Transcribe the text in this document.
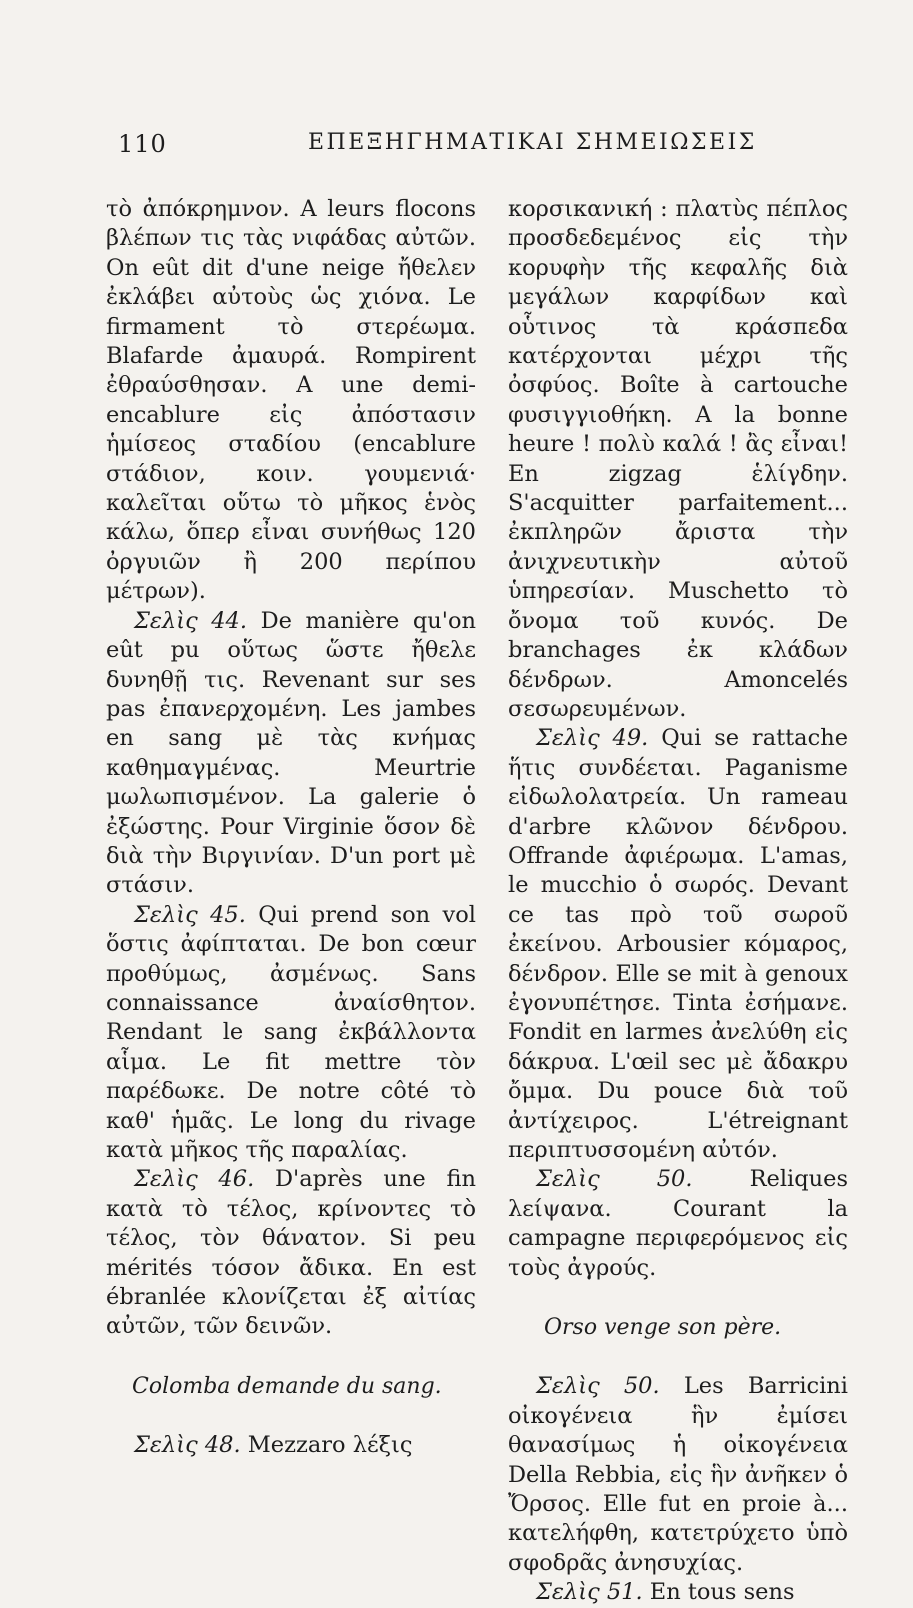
110	ΕΠΕΞΗΓΗΜΑΤΙΚΑΙ ΣΗΜΕΙΩΣΕΙΣ

τὸ ἀπόκρημνον. A leurs flocons βλέπων τις τὰς νιφάδας αὐτῶν. On eût dit d'une neige ἤθελεν ἐκλάβει αὐτοὺς ὡς χιόνα. Le firmament τὸ στερέωμα. Blafarde ἀμαυρά. Rompirent ἐθραύσθησαν. A une demi-encablure εἰς ἀπόστασιν ἡμίσεος σταδίου (encablure στάδιον, κοιν. γουμενιά· καλεῖται οὕτω τὸ μῆκος ἑνὸς κάλω, ὅπερ εἶναι συνήθως 120 ὀργυιῶν ἢ 200 περίπου μέτρων).

Σελὶς 44. De manière qu'on eût pu οὕτως ὥστε ἤθελε δυνηθῇ τις. Revenant sur ses pas ἐπανερχομένη. Les jambes en sang μὲ τὰς κνήμας καθημαγμένας. Meurtrie μωλωπισμένον. La galerie ὁ ἐξώστης. Pour Virginie ὅσον δὲ διὰ τὴν Βιργινίαν. D'un port μὲ στάσιν.

Σελὶς 45. Qui prend son vol ὅστις ἀφίπταται. De bon cœur προθύμως, ἀσμένως. Sans connaissance ἀναίσθητον. Rendant le sang ἐκβάλλοντα αἷμα. Le fit mettre τὸν παρέδωκε. De notre côté τὸ καθ' ἡμᾶς. Le long du rivage κατὰ μῆκος τῆς παραλίας.

Σελὶς 46. D'après une fin κατὰ τὸ τέλος, κρίνοντες τὸ τέλος, τὸν θάνατον. Si peu mérités τόσον ἄδικα. En est ébranlée κλονίζεται ἐξ αἰτίας αὐτῶν, τῶν δεινῶν.

Colomba demande du sang.

Σελὶς 48. Mezzaro λέξις

κορσικανική : πλατὺς πέπλος προσδεδεμένος εἰς τὴν κορυφὴν τῆς κεφαλῆς διὰ μεγάλων καρφίδων καὶ οὗτινος τὰ κράσπεδα κατέρχονται μέχρι τῆς ὀσφύος. Boîte à cartouche φυσιγγιοθήκη. A la bonne heure ! πολὺ καλά ! ἂς εἶναι! En zigzag ἑλίγδην. S'acquitter parfaitement... ἐκπληρῶν ἄριστα τὴν ἀνιχνευτικὴν αὐτοῦ ὑπηρεσίαν. Muschetto τὸ ὄνομα τοῦ κυνός. De branchages ἐκ κλάδων δένδρων. Amoncelés σεσωρευμένων.

Σελὶς 49. Qui se rattache ἥτις συνδέεται. Paganisme εἰδωλολατρεία. Un rameau d'arbre κλῶνον δένδρου. Offrande ἀφιέρωμα. L'amas, le mucchio ὁ σωρός. Devant ce tas πρὸ τοῦ σωροῦ ἐκείνου. Arbousier κόμαρος, δένδρον. Elle se mit à genoux ἐγονυπέτησε. Tinta ἐσήμανε. Fondit en larmes ἀνελύθη εἰς δάκρυα. L'œil sec μὲ ἄδακρυ ὄμμα. Du pouce διὰ τοῦ ἀντίχειρος. L'étreignant περιπτυσσομένη αὐτόν.

Σελὶς 50.	Reliques λείψανα. Courant la campagne περιφερόμενος εἰς τοὺς ἀγρούς.

Orso venge son père.

Σελὶς 50. Les Barricini οἰκογένεια ἣν ἐμίσει θανασίμως ἡ οἰκογένεια Della Rebbia, εἰς ἣν ἀνῆκεν ὁ Ὄρσος. Elle fut en proie à... κατελήφθη, κατετρύχετο ὑπὸ σφοδρᾶς ἀνησυχίας.

Σελὶς 51. En tous sens
